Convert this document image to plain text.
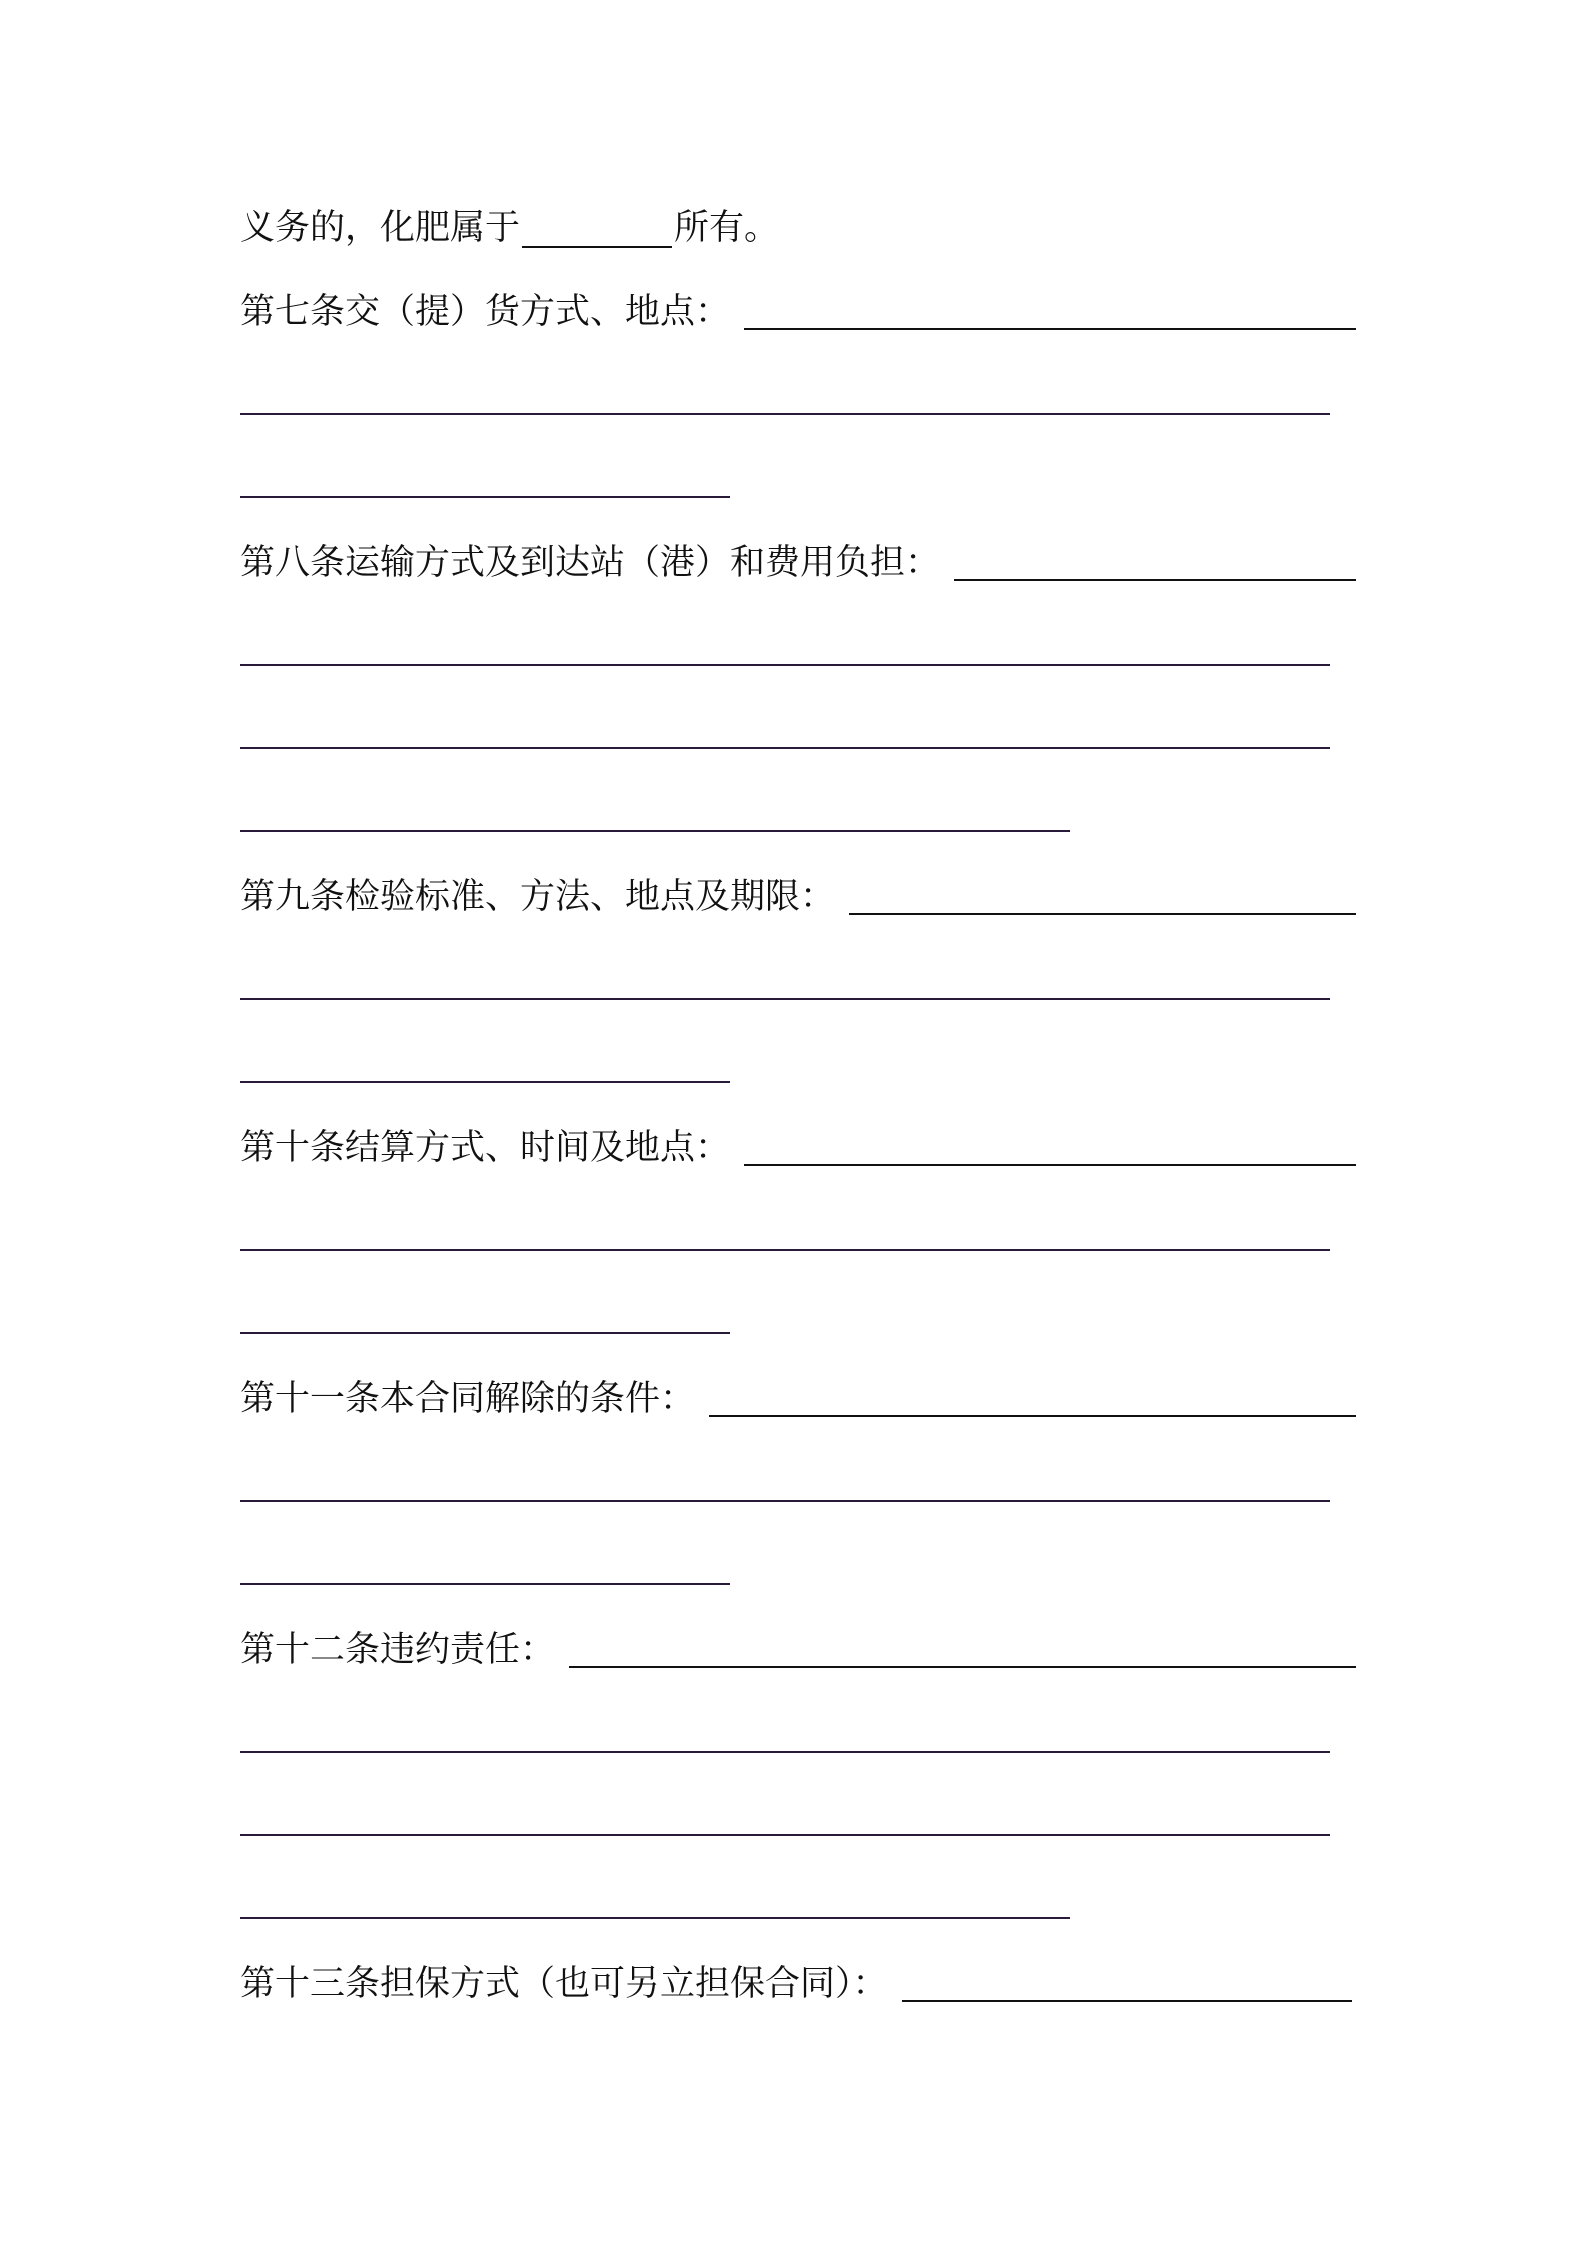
义务的，化肥属于	所有。
第七条交（提）货方式、地点：
第八条运输方式及到达站（港）和费用负担：
第九条检验标准、方法、地点及期限：
第十条结算方式、时间及地点：
第十一条本合同解除的条件：
第十二条违约责任：
第十三条担保方式（也可另立担保合同）：
